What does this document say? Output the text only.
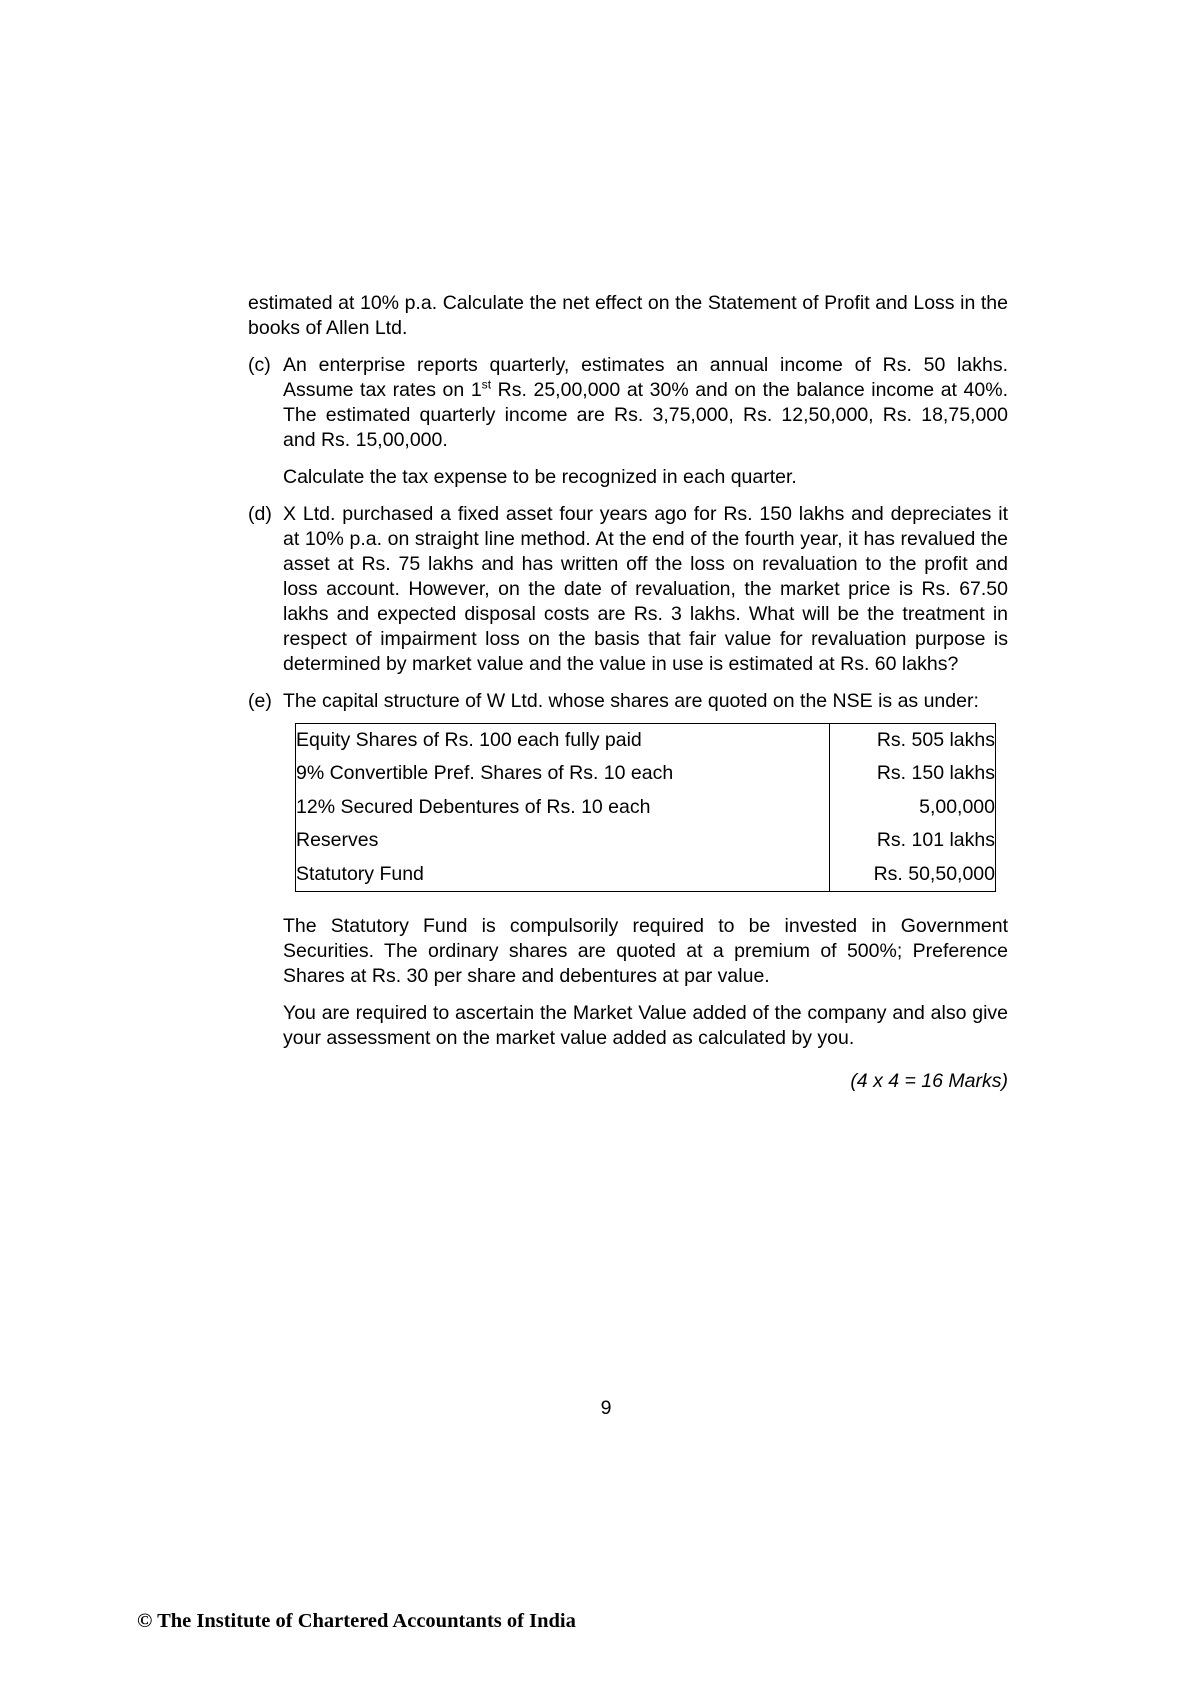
estimated at 10% p.a. Calculate the net effect on the Statement of Profit and Loss in the books of Allen Ltd.

(c) An enterprise reports quarterly, estimates an annual income of Rs. 50 lakhs. Assume tax rates on 1st Rs. 25,00,000 at 30% and on the balance income at 40%. The estimated quarterly income are Rs. 3,75,000, Rs. 12,50,000, Rs. 18,75,000 and Rs. 15,00,000.

Calculate the tax expense to be recognized in each quarter.

(d) X Ltd. purchased a fixed asset four years ago for Rs. 150 lakhs and depreciates it at 10% p.a. on straight line method. At the end of the fourth year, it has revalued the asset at Rs. 75 lakhs and has written off the loss on revaluation to the profit and loss account. However, on the date of revaluation, the market price is Rs. 67.50 lakhs and expected disposal costs are Rs. 3 lakhs. What will be the treatment in respect of impairment loss on the basis that fair value for revaluation purpose is determined by market value and the value in use is estimated at Rs. 60 lakhs?

(e) The capital structure of W Ltd. whose shares are quoted on the NSE is as under:

Equity Shares of Rs. 100 each fully paid	Rs. 505 lakhs
9% Convertible Pref. Shares of Rs. 10 each	Rs. 150 lakhs
12% Secured Debentures of Rs. 10 each	5,00,000
Reserves	Rs. 101 lakhs
Statutory Fund	Rs. 50,50,000

The Statutory Fund is compulsorily required to be invested in Government Securities. The ordinary shares are quoted at a premium of 500%; Preference Shares at Rs. 30 per share and debentures at par value.

You are required to ascertain the Market Value added of the company and also give your assessment on the market value added as calculated by you.

(4 x 4 = 16 Marks)

9
© The Institute of Chartered Accountants of India
